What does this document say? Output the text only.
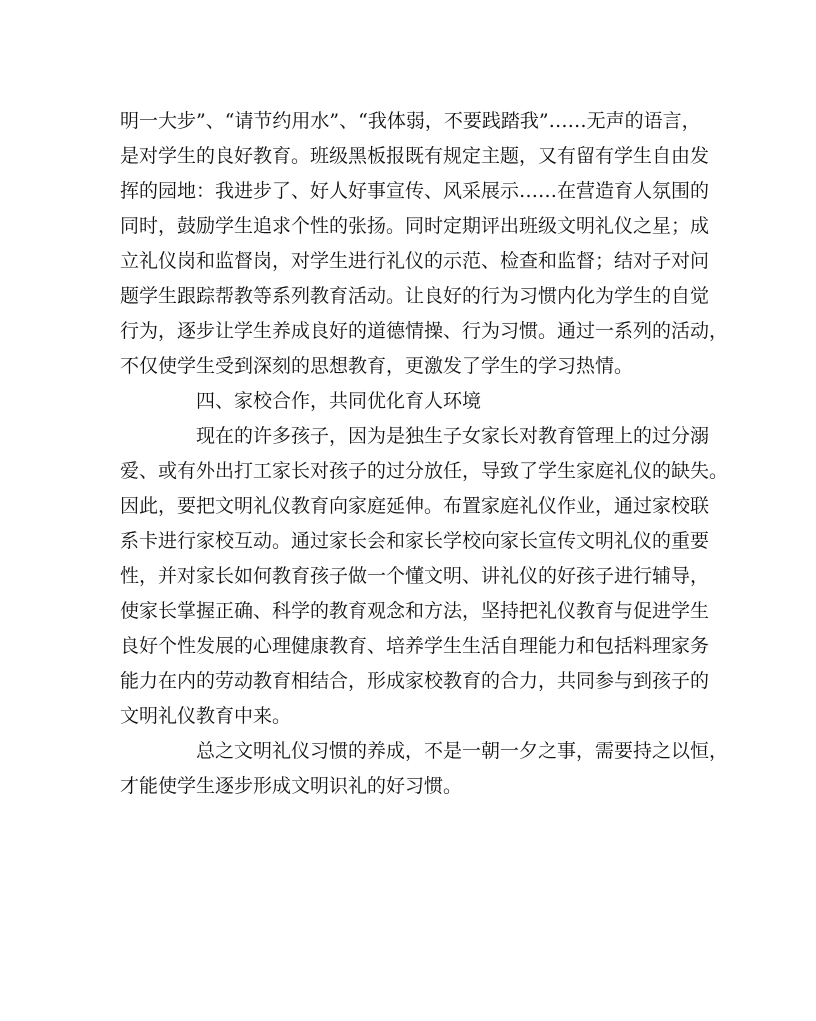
明一大步”、“请节约用水”、“我体弱，不要践踏我”……无声的语言，
是对学生的良好教育。班级黑板报既有规定主题，又有留有学生自由发
挥的园地：我进步了、好人好事宣传、风采展示……在营造育人氛围的
同时，鼓励学生追求个性的张扬。同时定期评出班级文明礼仪之星；成
立礼仪岗和监督岗，对学生进行礼仪的示范、检查和监督；结对子对问
题学生跟踪帮教等系列教育活动。让良好的行为习惯内化为学生的自觉
行为，逐步让学生养成良好的道德情操、行为习惯。通过一系列的活动，
不仅使学生受到深刻的思想教育，更激发了学生的学习热情。
四、家校合作，共同优化育人环境
现在的许多孩子，因为是独生子女家长对教育管理上的过分溺
爱、或有外出打工家长对孩子的过分放任，导致了学生家庭礼仪的缺失。
因此，要把文明礼仪教育向家庭延伸。布置家庭礼仪作业，通过家校联
系卡进行家校互动。通过家长会和家长学校向家长宣传文明礼仪的重要
性，并对家长如何教育孩子做一个懂文明、讲礼仪的好孩子进行辅导，
使家长掌握正确、科学的教育观念和方法，坚持把礼仪教育与促进学生
良好个性发展的心理健康教育、培养学生生活自理能力和包括料理家务
能力在内的劳动教育相结合，形成家校教育的合力，共同参与到孩子的
文明礼仪教育中来。
总之文明礼仪习惯的养成，不是一朝一夕之事，需要持之以恒，
才能使学生逐步形成文明识礼的好习惯。
